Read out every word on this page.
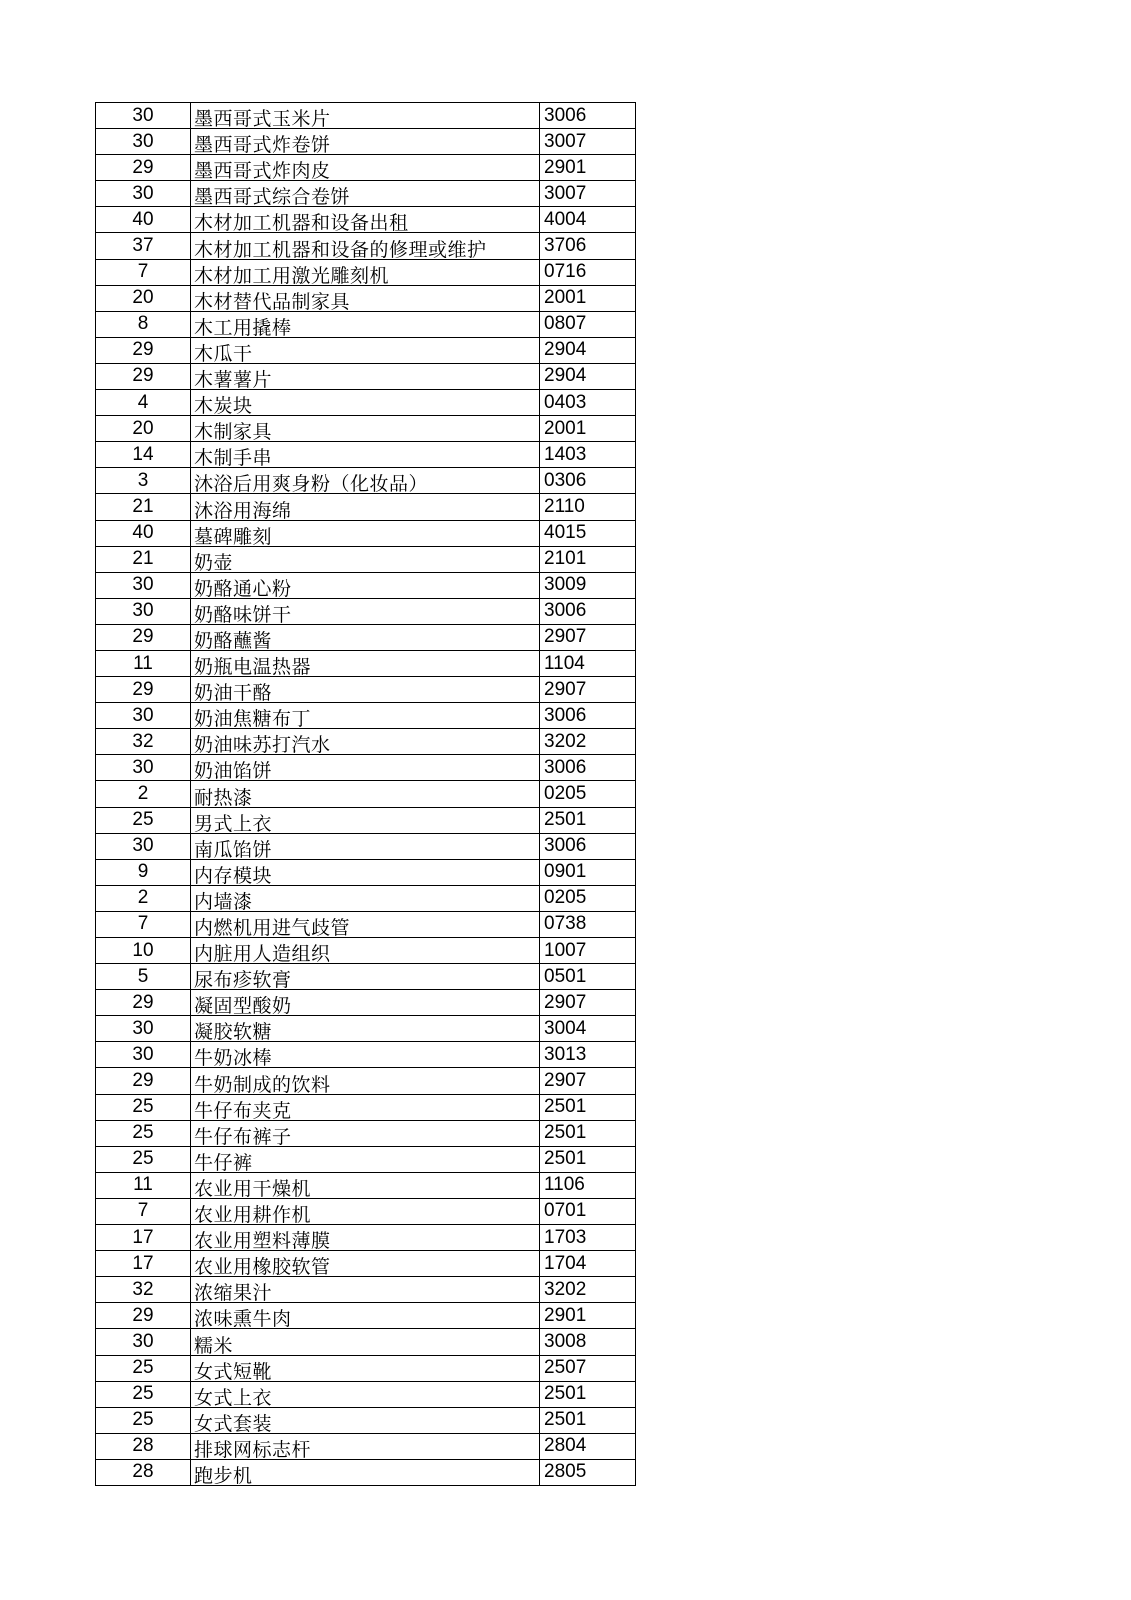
30	墨西哥式玉米片	3006
30	墨西哥式炸卷饼	3007
29	墨西哥式炸肉皮	2901
30	墨西哥式综合卷饼	3007
40	木材加工机器和设备出租	4004
37	木材加工机器和设备的修理或维护	3706
7	木材加工用激光雕刻机	0716
20	木材替代品制家具	2001
8	木工用撬棒	0807
29	木瓜干	2904
29	木薯薯片	2904
4	木炭块	0403
20	木制家具	2001
14	木制手串	1403
3	沐浴后用爽身粉（化妆品）	0306
21	沐浴用海绵	2110
40	墓碑雕刻	4015
21	奶壶	2101
30	奶酪通心粉	3009
30	奶酪味饼干	3006
29	奶酪蘸酱	2907
11	奶瓶电温热器	1104
29	奶油干酪	2907
30	奶油焦糖布丁	3006
32	奶油味苏打汽水	3202
30	奶油馅饼	3006
2	耐热漆	0205
25	男式上衣	2501
30	南瓜馅饼	3006
9	内存模块	0901
2	内墙漆	0205
7	内燃机用进气歧管	0738
10	内脏用人造组织	1007
5	尿布疹软膏	0501
29	凝固型酸奶	2907
30	凝胶软糖	3004
30	牛奶冰棒	3013
29	牛奶制成的饮料	2907
25	牛仔布夹克	2501
25	牛仔布裤子	2501
25	牛仔裤	2501
11	农业用干燥机	1106
7	农业用耕作机	0701
17	农业用塑料薄膜	1703
17	农业用橡胶软管	1704
32	浓缩果汁	3202
29	浓味熏牛肉	2901
30	糯米	3008
25	女式短靴	2507
25	女式上衣	2501
25	女式套装	2501
28	排球网标志杆	2804
28	跑步机	2805
